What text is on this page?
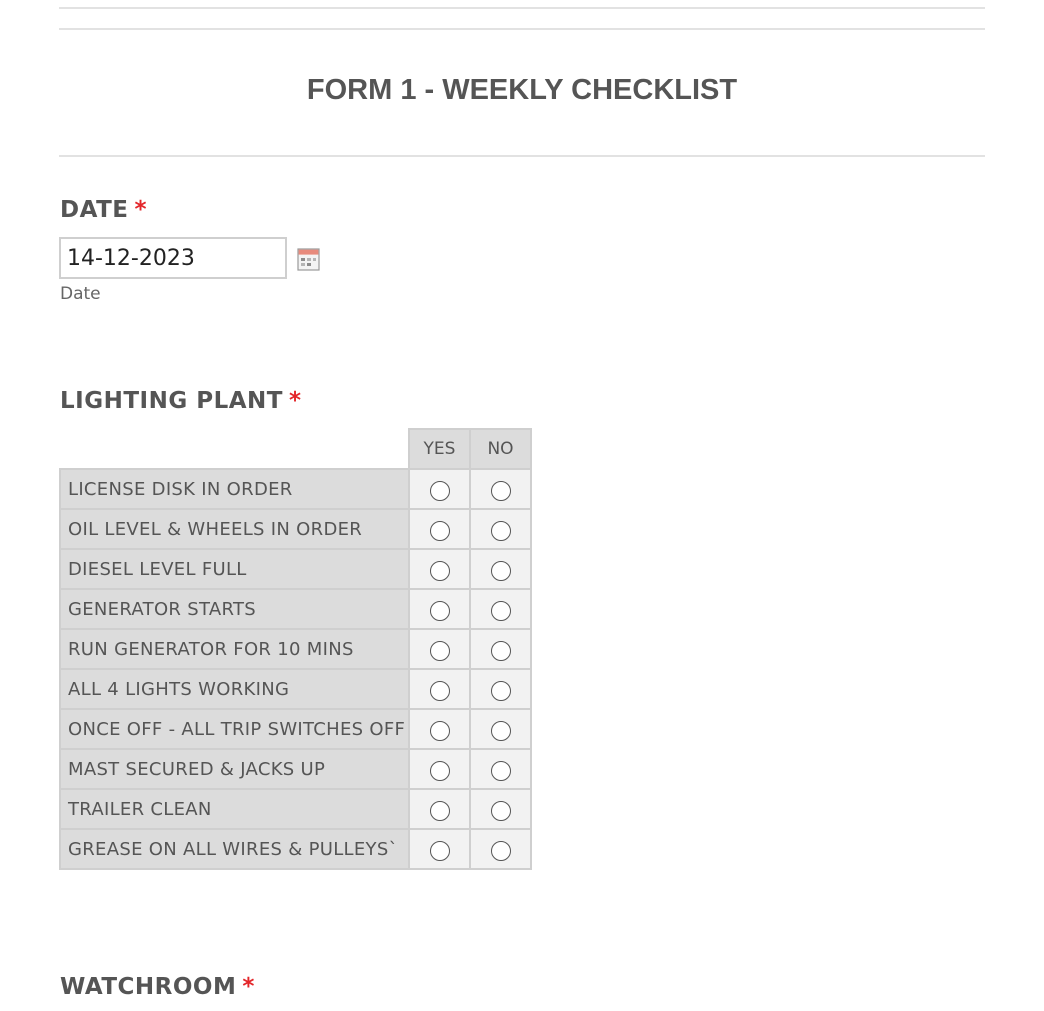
FORM 1 - WEEKLY CHECKLIST
DATE *
14-12-2023
Date
LIGHTING PLANT *
	YES	NO
LICENSE DISK IN ORDER		
OIL LEVEL & WHEELS IN ORDER		
DIESEL LEVEL FULL		
GENERATOR STARTS		
RUN GENERATOR FOR 10 MINS		
ALL 4 LIGHTS WORKING		
ONCE OFF - ALL TRIP SWITCHES OFF		
MAST SECURED & JACKS UP		
TRAILER CLEAN		
GREASE ON ALL WIRES & PULLEYS`		
WATCHROOM *
